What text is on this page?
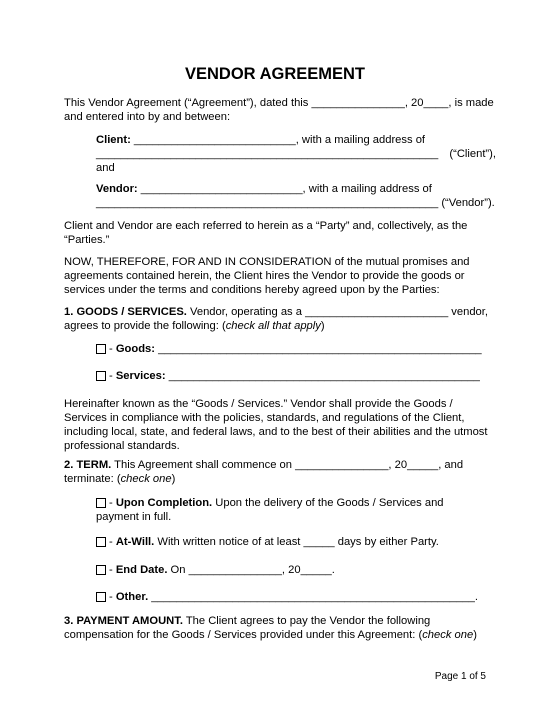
VENDOR AGREEMENT
This Vendor Agreement (“Agreement”), dated this _______________, 20____, is made and entered into by and between:
Client: __________________________, with a mailing address of
_______________________________________________________ (“Client”),
and
Vendor: __________________________, with a mailing address of
_______________________________________________________ (“Vendor”).
Client and Vendor are each referred to herein as a “Party” and, collectively, as the “Parties.”
NOW, THEREFORE, FOR AND IN CONSIDERATION of the mutual promises and agreements contained herein, the Client hires the Vendor to provide the goods or services under the terms and conditions hereby agreed upon by the Parties:
1. GOODS / SERVICES. Vendor, operating as a _______________________ vendor, agrees to provide the following: (check all that apply)
- Goods: ____________________________________________________
- Services: __________________________________________________
Hereinafter known as the “Goods / Services.” Vendor shall provide the Goods / Services in compliance with the policies, standards, and regulations of the Client, including local, state, and federal laws, and to the best of their abilities and the utmost professional standards.
2. TERM. This Agreement shall commence on _______________, 20_____, and terminate: (check one)
- Upon Completion. Upon the delivery of the Goods / Services and payment in full.
- At-Will. With written notice of at least _____ days by either Party.
- End Date. On _______________, 20_____.
- Other. ____________________________________________________.
3. PAYMENT AMOUNT. The Client agrees to pay the Vendor the following compensation for the Goods / Services provided under this Agreement: (check one)
Page 1 of 5
